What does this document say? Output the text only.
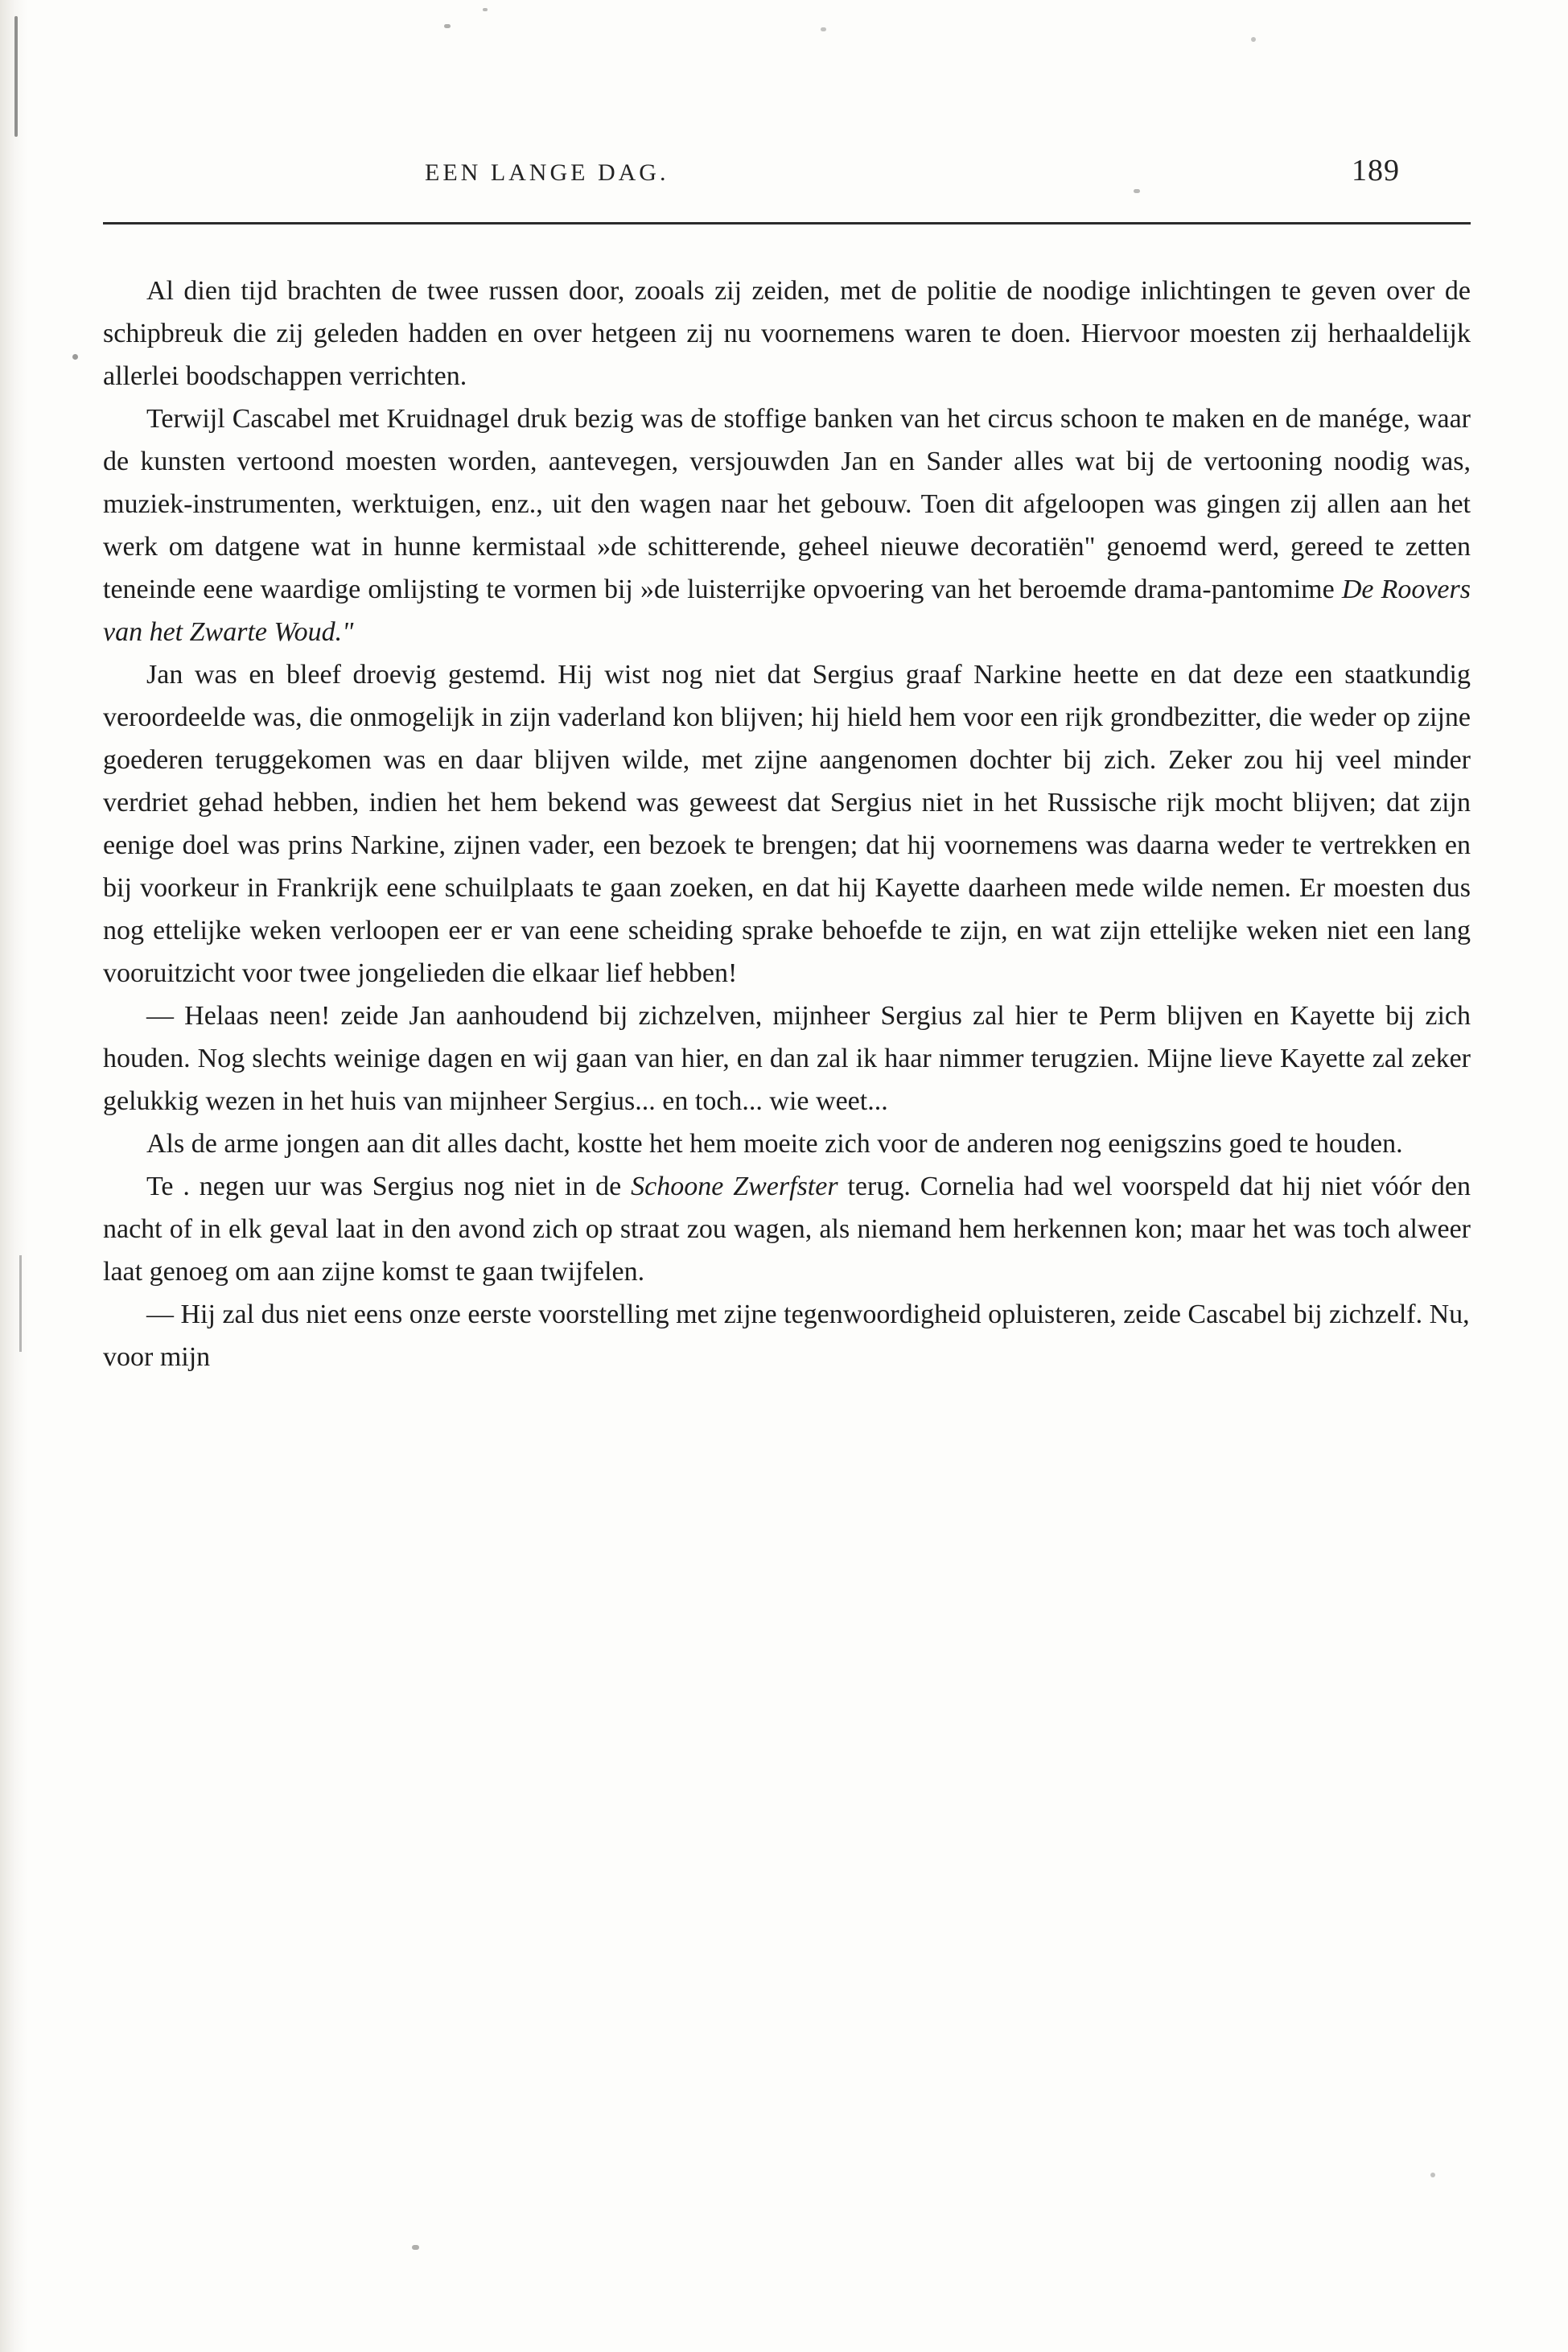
EEN LANGE DAG.	189

Al dien tijd brachten de twee russen door, zooals zij zeiden, met de politie de noodige inlichtingen te geven over de schipbreuk die zij geleden hadden en over hetgeen zij nu voornemens waren te doen. Hiervoor moesten zij herhaaldelijk allerlei boodschappen verrichten.

Terwijl Cascabel met Kruidnagel druk bezig was de stoffige banken van het circus schoon te maken en de manége, waar de kunsten vertoond moesten worden, aantevegen, versjouwden Jan en Sander alles wat bij de vertooning noodig was, muziek-instrumenten, werktuigen, enz., uit den wagen naar het gebouw. Toen dit afgeloopen was gingen zij allen aan het werk om datgene wat in hunne kermistaal »de schitterende, geheel nieuwe decoratiën" genoemd werd, gereed te zetten teneinde eene waardige omlijsting te vormen bij »de luisterrijke opvoering van het beroemde drama-pantomime De Roovers van het Zwarte Woud."

Jan was en bleef droevig gestemd. Hij wist nog niet dat Sergius graaf Narkine heette en dat deze een staatkundig veroordeelde was, die onmogelijk in zijn vaderland kon blijven; hij hield hem voor een rijk grondbezitter, die weder op zijne goederen teruggekomen was en daar blijven wilde, met zijne aangenomen dochter bij zich. Zeker zou hij veel minder verdriet gehad hebben, indien het hem bekend was geweest dat Sergius niet in het Russische rijk mocht blijven; dat zijn eenige doel was prins Narkine, zijnen vader, een bezoek te brengen; dat hij voornemens was daarna weder te vertrekken en bij voorkeur in Frankrijk eene schuilplaats te gaan zoeken, en dat hij Kayette daarheen mede wilde nemen. Er moesten dus nog ettelijke weken verloopen eer er van eene scheiding sprake behoefde te zijn, en wat zijn ettelijke weken niet een lang vooruitzicht voor twee jongelieden die elkaar lief hebben!

— Helaas neen! zeide Jan aanhoudend bij zichzelven, mijnheer Sergius zal hier te Perm blijven en Kayette bij zich houden. Nog slechts weinige dagen en wij gaan van hier, en dan zal ik haar nimmer terugzien. Mijne lieve Kayette zal zeker gelukkig wezen in het huis van mijnheer Sergius... en toch... wie weet...

Als de arme jongen aan dit alles dacht, kostte het hem moeite zich voor de anderen nog eenigszins goed te houden.

Te . negen uur was Sergius nog niet in de Schoone Zwerfster terug. Cornelia had wel voorspeld dat hij niet vóór den nacht of in elk geval laat in den avond zich op straat zou wagen, als niemand hem herkennen kon; maar het was toch alweer laat genoeg om aan zijne komst te gaan twijfelen.

— Hij zal dus niet eens onze eerste voorstelling met zijne tegenwoordigheid opluisteren, zeide Cascabel bij zichzelf. Nu, voor mijn
